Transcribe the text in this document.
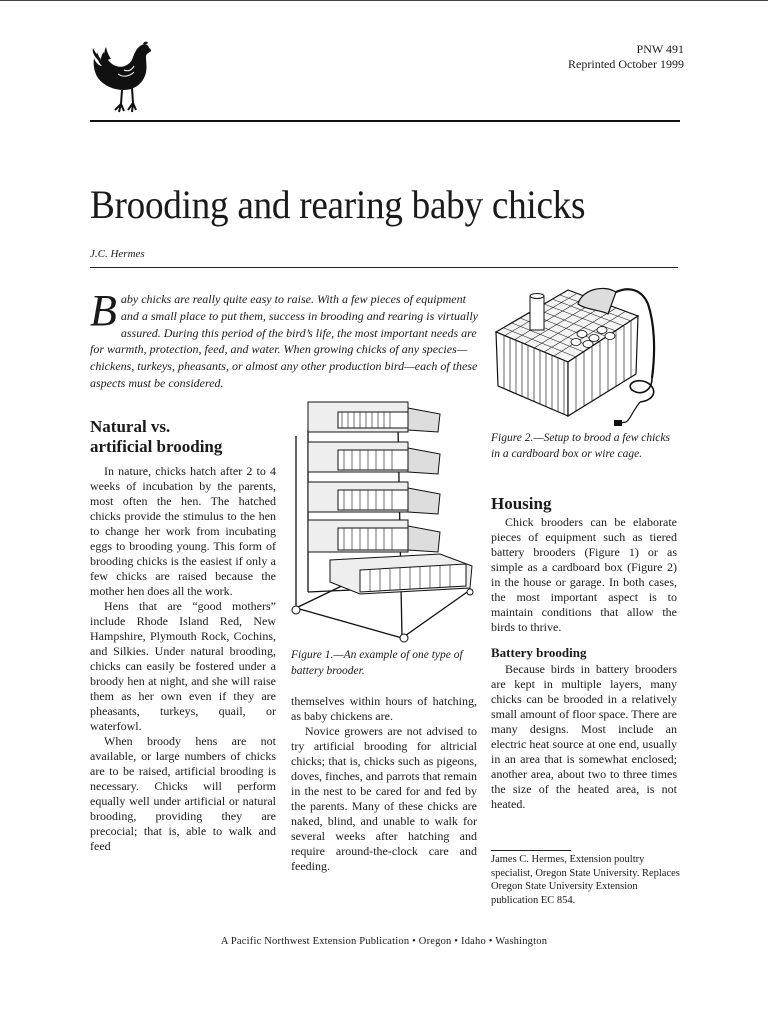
PNW 491
Reprinted October 1999
Brooding and rearing baby chicks
J.C. Hermes
Baby chicks are really quite easy to raise. With a few pieces of equipment and a small place to put them, success in brooding and rearing is virtually assured. During this period of the bird’s life, the most important needs are for warmth, protection, feed, and water. When growing chicks of any species—chickens, turkeys, pheasants, or almost any other production bird—each of these aspects must be considered.
Figure 2.—Setup to brood a few chicks in a cardboard box or wire cage.
Figure 1.—An example of one type of battery brooder.
Natural vs.
artificial brooding

In nature, chicks hatch after 2 to 4 weeks of incubation by the parents, most often the hen. The hatched chicks provide the stimulus to the hen to change her work from incubating eggs to brooding young. This form of brooding chicks is the easiest if only a few chicks are raised because the mother hen does all the work.

Hens that are “good mothers” include Rhode Island Red, New Hampshire, Plymouth Rock, Cochins, and Silkies. Under natural brooding, chicks can easily be fostered under a broody hen at night, and she will raise them as her own even if they are pheasants, turkeys, quail, or waterfowl.

When broody hens are not available, or large numbers of chicks are to be raised, artificial brooding is necessary. Chicks will perform equally well under artificial or natural brooding, providing they are precocial; that is, able to walk and feed

themselves within hours of hatching, as baby chickens are.

Novice growers are not advised to try artificial brooding for altricial chicks; that is, chicks such as pigeons, doves, finches, and parrots that remain in the nest to be cared for and fed by the parents. Many of these chicks are naked, blind, and unable to walk for several weeks after hatching and require around-the-clock care and feeding.

Housing

Chick brooders can be elaborate pieces of equipment such as tiered battery brooders (Figure 1) or as simple as a cardboard box (Figure 2) in the house or garage. In both cases, the most important aspect is to maintain conditions that allow the birds to thrive.

Battery brooding

Because birds in battery brooders are kept in multiple layers, many chicks can be brooded in a relatively small amount of floor space. There are many designs. Most include an electric heat source at one end, usually in an area that is somewhat enclosed; another area, about two to three times the size of the heated area, is not heated.

James C. Hermes, Extension poultry specialist, Oregon State University. Replaces Oregon State University Extension publication EC 854.
A Pacific Northwest Extension Publication • Oregon • Idaho • Washington
